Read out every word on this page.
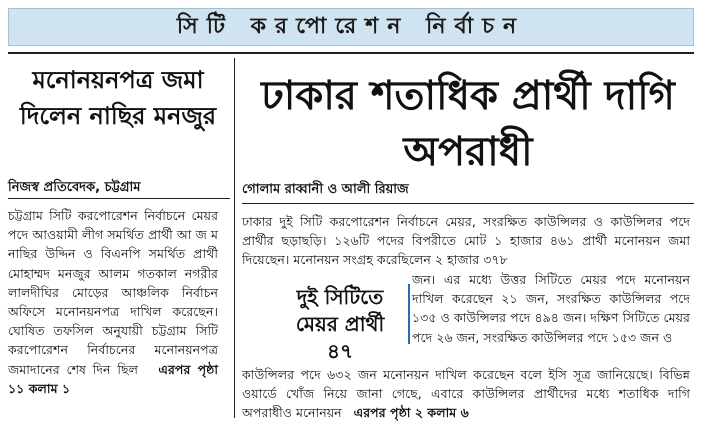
সিটি করপোরেশন নির্বাচন
মনোনয়নপত্র জমা দিলেন নাছির মনজুর
নিজস্ব প্রতিবেদক, চট্টগ্রাম
চট্টগ্রাম সিটি করপোরেশন নির্বাচনে মেয়র পদে আওয়ামী লীগ সমর্থিত প্রার্থী আ জ ম নাছির উদ্দিন ও বিএনপি সমর্থিত প্রার্থী মোহাম্মদ মনজুর আলম গতকাল নগরীর লালদীঘির মোড়ের আঞ্চলিক নির্বাচন অফিসে মনোনয়নপত্র দাখিল করেছেন। ঘোষিত তফসিল অনুযায়ী চট্টগ্রাম সিটি করপোরেশন নির্বাচনের মনোনয়নপত্র জমাদানের শেষ দিন ছিল এরপর পৃষ্ঠা ১১ কলাম ১
ঢাকার শতাধিক প্রার্থী দাগি অপরাধী
গোলাম রাব্বানী ও আলী রিয়াজ
ঢাকার দুই সিটি করপোরেশন নির্বাচনে মেয়র, সংরক্ষিত কাউন্সিলর ও কাউন্সিলর পদে প্রার্থীর ছড়াছড়ি। ১২৬টি পদের বিপরীতে মোট ১ হাজার ৪৬১ প্রার্থী মনোনয়ন জমা দিয়েছেন। মনোনয়ন সংগ্রহ করেছিলেন ২ হাজার ৩৭৮
দুই সিটিতে মেয়র প্রার্থী ৪৭
জন। এর মধ্যে উত্তর সিটিতে মেয়র পদে মনোনয়ন দাখিল করেছেন ২১ জন, সংরক্ষিত কাউন্সিলর পদে ১৩৫ ও কাউন্সিলর পদে ৪৯৪ জন। দক্ষিণ সিটিতে মেয়র পদে ২৬ জন, সংরক্ষিত কাউন্সিলর পদে ১৫৩ জন ও
কাউন্সিলর পদে ৬৩২ জন মনোনয়ন দাখিল করেছেন বলে ইসি সূত্র জানিয়েছে। বিভিন্ন ওয়ার্ডে খোঁজ নিয়ে জানা গেছে, এবারে কাউন্সিলর প্রার্থীদের মধ্যে শতাধিক দাগি অপরাধীও মনোনয়ন এরপর পৃষ্ঠা ২ কলাম ৬
